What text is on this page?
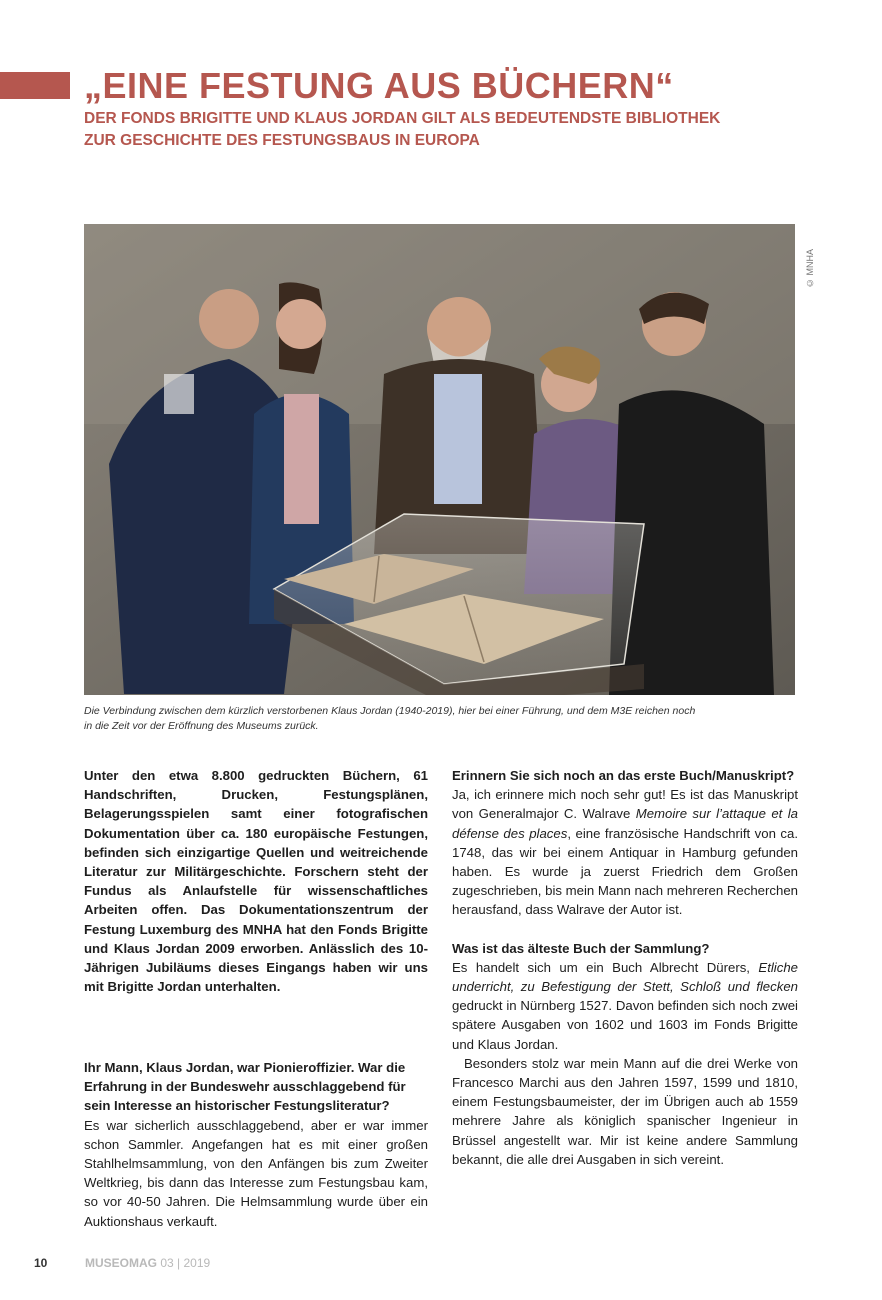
„EINE FESTUNG AUS BÜCHERN“
DER FONDS BRIGITTE UND KLAUS JORDAN GILT ALS BEDEUTENDSTE BIBLIOTHEK
ZUR GESCHICHTE DES FESTUNGSBAUS IN EUROPA
© MNHA
Die Verbindung zwischen dem kürzlich verstorbenen Klaus Jordan (1940-2019), hier bei einer Führung, und dem M3E reichen noch
in die Zeit vor der Eröffnung des Museums zurück.

Unter den etwa 8.800 gedruckten Büchern, 61 Handschriften, Drucken, Festungsplänen, Belagerungsspielen samt einer fotografischen Dokumentation über ca. 180 europäische Festungen, befinden sich einzigartige Quellen und weitreichende Literatur zur Militärgeschichte. Forschern steht der Fundus als Anlaufstelle für wissenschaftliches Arbeiten offen. Das Dokumentationszentrum der Festung Luxemburg des MNHA hat den Fonds Brigitte und Klaus Jordan 2009 erworben. Anlässlich des 10-Jährigen Jubiläums dieses Eingangs haben wir uns mit Brigitte Jordan unterhalten.

Ihr Mann, Klaus Jordan, war Pionieroffizier. War die Erfahrung in der Bundeswehr ausschlaggebend für sein Interesse an historischer Festungsliteratur?

Es war sicherlich ausschlaggebend, aber er war immer schon Sammler. Angefangen hat es mit einer großen Stahlhelmsammlung, von den Anfängen bis zum Zweiter Weltkrieg, bis dann das Interesse zum Festungsbau kam, so vor 40-50 Jahren. Die Helmsammlung wurde über ein Auktionshaus verkauft.

Erinnern Sie sich noch an das erste Buch/Manuskript?

Ja, ich erinnere mich noch sehr gut! Es ist das Manuskript von Generalmajor C. Walrave Memoire sur l’attaque et la défense des places, eine französische Handschrift von ca. 1748, das wir bei einem Antiquar in Hamburg gefunden haben. Es wurde ja zuerst Friedrich dem Großen zugeschrieben, bis mein Mann nach mehreren Recherchen herausfand, dass Walrave der Autor ist.

Was ist das älteste Buch der Sammlung?

Es handelt sich um ein Buch Albrecht Dürers, Etliche underricht, zu Befestigung der Stett, Schloß und flecken gedruckt in Nürnberg 1527. Davon befinden sich noch zwei spätere Ausgaben von 1602 und 1603 im Fonds Brigitte und Klaus Jordan.

Besonders stolz war mein Mann auf die drei Werke von Francesco Marchi aus den Jahren 1597, 1599 und 1810, einem Festungsbaumeister, der im Übrigen auch ab 1559 mehrere Jahre als königlich spanischer Ingenieur in Brüssel angestellt war. Mir ist keine andere Sammlung bekannt, die alle drei Ausgaben in sich vereint.

10	MUSEOMAG 03 | 2019
